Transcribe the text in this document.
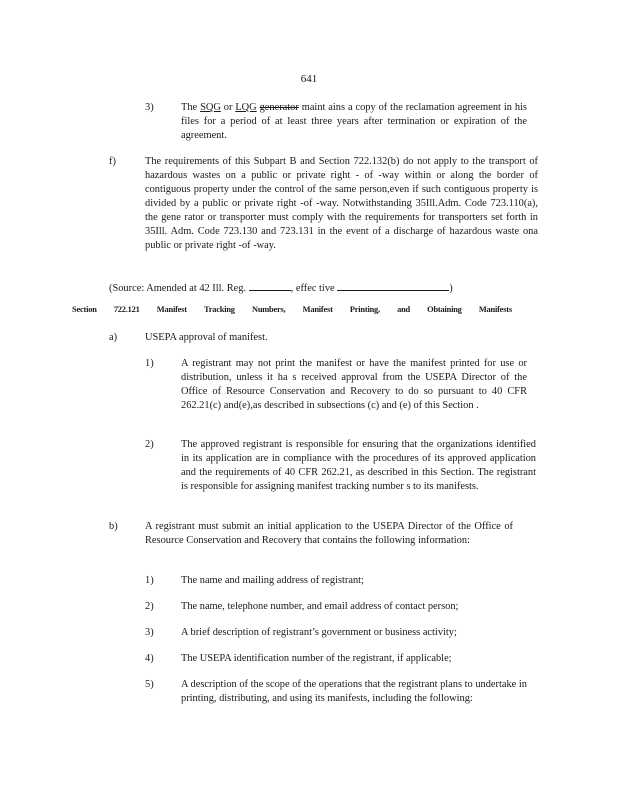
641
3)	The SQG or LQG generator maint ains a copy of the reclamation agreement in his files for a period of at least three years after termination or expiration of the agreement.
f)	The requirements of this Subpart B and Section 722.132(b) do not apply to the transport of hazardous wastes on a public or private right - of -way within or along the border of contiguous property under the control of the same person,even if such contiguous property is divided by a public or private right -of -way. Notwithstanding 35Ill.Adm. Code 723.110(a), the gene rator or transporter must comply with the requirements for transporters set forth in 35Ill. Adm. Code 723.130 and 723.131 in the event of a discharge of hazardous waste ona public or private right -of -way.
(Source: Amended at 42 Ill. Reg.	, effec tive	)
Section 722.121 Manifest Tracking Numbers, Manifest Printing, and Obtaining Manifests
a)	USEPA approval of manifest.
1)	A registrant may not print the manifest or have the manifest printed for use or distribution, unless it ha s received approval from the USEPA Director of the Office of Resource Conservation and Recovery to do so pursuant to 40 CFR 262.21(c) and(e),as described in subsections (c) and (e) of this Section .
2)	The approved registrant is responsible for ensuring that the organizations identified in its application are in compliance with the procedures of its approved application and the requirements of 40 CFR 262.21, as described in this Section. The registrant is responsible for assigning manifest tracking number s to its manifests.
b)	A registrant must submit an initial application to the USEPA Director of the Office of Resource Conservation and Recovery that contains the following information:
1)	The name and mailing address of registrant;
2)	The name, telephone number, and email address of contact person;
3)	A brief description of registrant’s government or business activity;
4)	The USEPA identification number of the registrant, if applicable;
5)	A description of the scope of the operations that the registrant plans to undertake in printing, distributing, and using its manifests, including the following:
